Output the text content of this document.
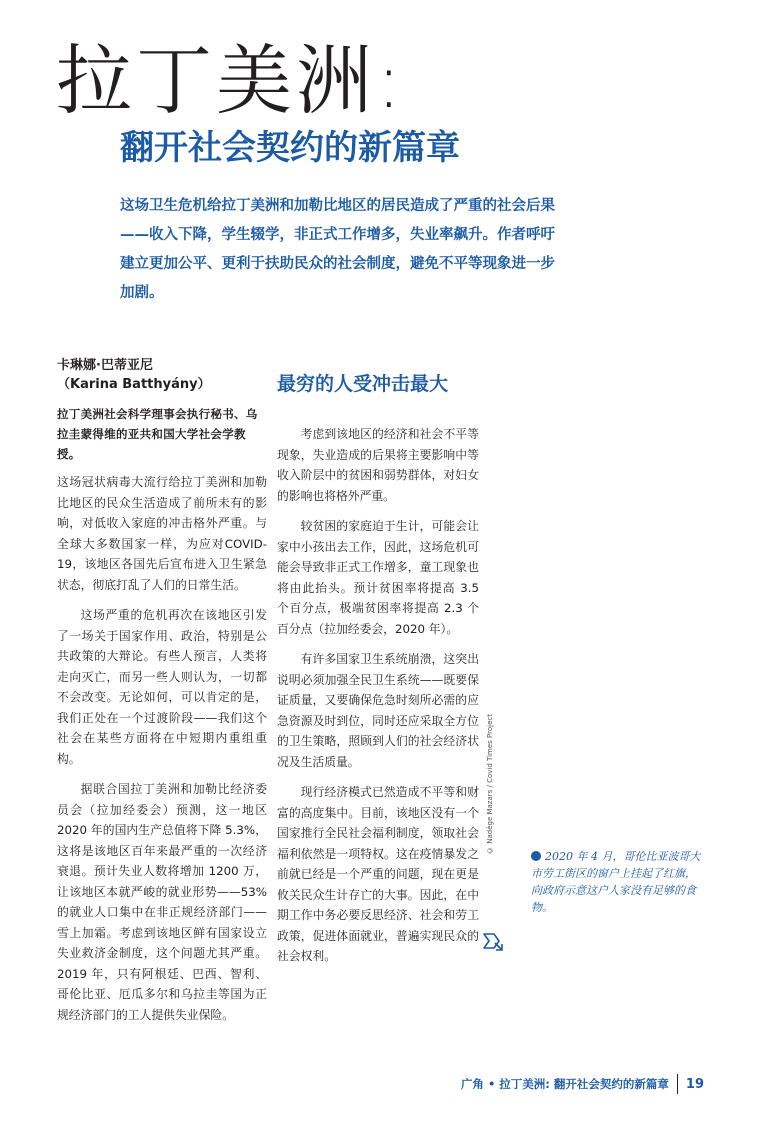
拉丁美洲:
翻开社会契约的新篇章

这场卫生危机给拉丁美洲和加勒比地区的居民造成了严重的社会后果——收入下降，学生辍学，非正式工作增多，失业率飙升。作者呼吁建立更加公平、更利于扶助民众的社会制度，避免不平等现象进一步加剧。

卡琳娜·巴蒂亚尼
（Karina Batthyány）

拉丁美洲社会科学理事会执行秘书、乌拉圭蒙得维的亚共和国大学社会学教授。

这场冠状病毒大流行给拉丁美洲和加勒比地区的民众生活造成了前所未有的影响，对低收入家庭的冲击格外严重。与全球大多数国家一样，为应对COVID-19，该地区各国先后宣布进入卫生紧急状态，彻底打乱了人们的日常生活。

这场严重的危机再次在该地区引发了一场关于国家作用、政治，特别是公共政策的大辩论。有些人预言，人类将走向灭亡，而另一些人则认为，一切都不会改变。无论如何，可以肯定的是，我们正处在一个过渡阶段——我们这个社会在某些方面将在中短期内重组重构。

据联合国拉丁美洲和加勒比经济委员会（拉加经委会）预测，这一地区 2020 年的国内生产总值将下降 5.3%，这将是该地区百年来最严重的一次经济衰退。预计失业人数将增加 1200 万，让该地区本就严峻的就业形势——53% 的就业人口集中在非正规经济部门——雪上加霜。考虑到该地区鲜有国家设立失业救济金制度，这个问题尤其严重。2019 年，只有阿根廷、巴西、智利、哥伦比亚、厄瓜多尔和乌拉圭等国为正规经济部门的工人提供失业保险。

最穷的人受冲击最大

考虑到该地区的经济和社会不平等现象，失业造成的后果将主要影响中等收入阶层中的贫困和弱势群体，对妇女的影响也将格外严重。

较贫困的家庭迫于生计，可能会让家中小孩出去工作，因此，这场危机可能会导致非正式工作增多，童工现象也将由此抬头。预计贫困率将提高 3.5 个百分点，极端贫困率将提高 2.3 个百分点（拉加经委会，2020 年）。

有许多国家卫生系统崩溃，这突出说明必须加强全民卫生系统——既要保证质量，又要确保危急时刻所必需的应急资源及时到位，同时还应采取全方位的卫生策略，照顾到人们的社会经济状况及生活质量。

现行经济模式已然造成不平等和财富的高度集中。目前，该地区没有一个国家推行全民社会福利制度，领取社会福利依然是一项特权。这在疫情暴发之前就已经是一个严重的问题，现在更是攸关民众生计存亡的大事。因此，在中期工作中务必要反思经济、社会和劳工政策，促进体面就业，普遍实现民众的社会权利。

© Nadège Mazars / Covid Times Project

2020 年 4 月，哥伦比亚波哥大市劳工街区的窗户上挂起了红旗，向政府示意这户人家没有足够的食物。

广角 • 拉丁美洲: 翻开社会契约的新篇章 19
